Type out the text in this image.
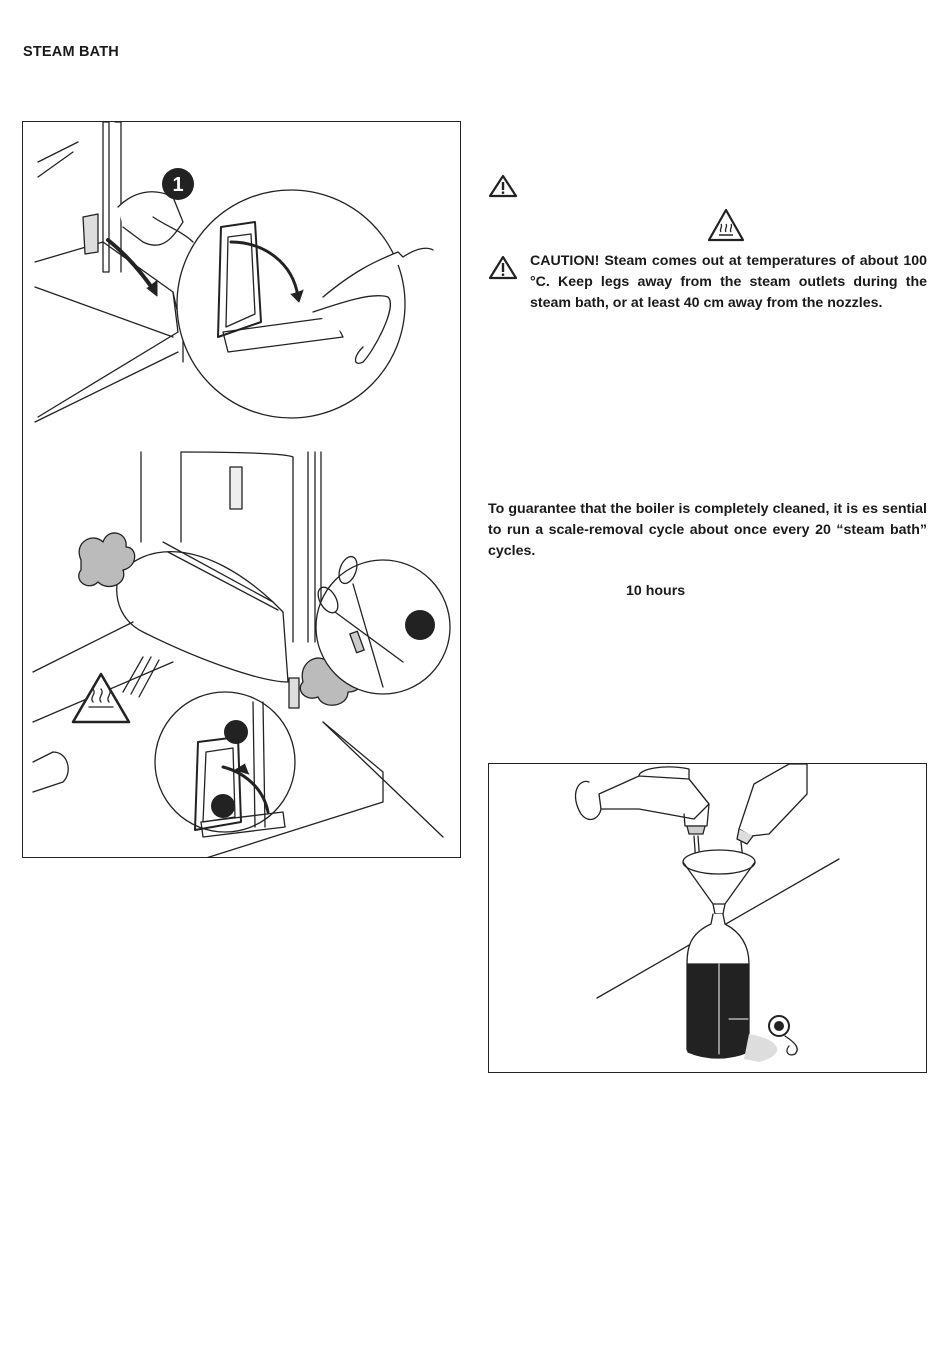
STEAM BATH
1
CAUTION! Steam comes out at temperatures of about 100 °C. Keep legs away from the steam outlets during the steam bath, or at least 40 cm away from the nozzles.
To guarantee that the boiler is completely cleaned, it is es sential to run a scale-removal cycle about once every 20 “steam bath” cycles.
10 hours
